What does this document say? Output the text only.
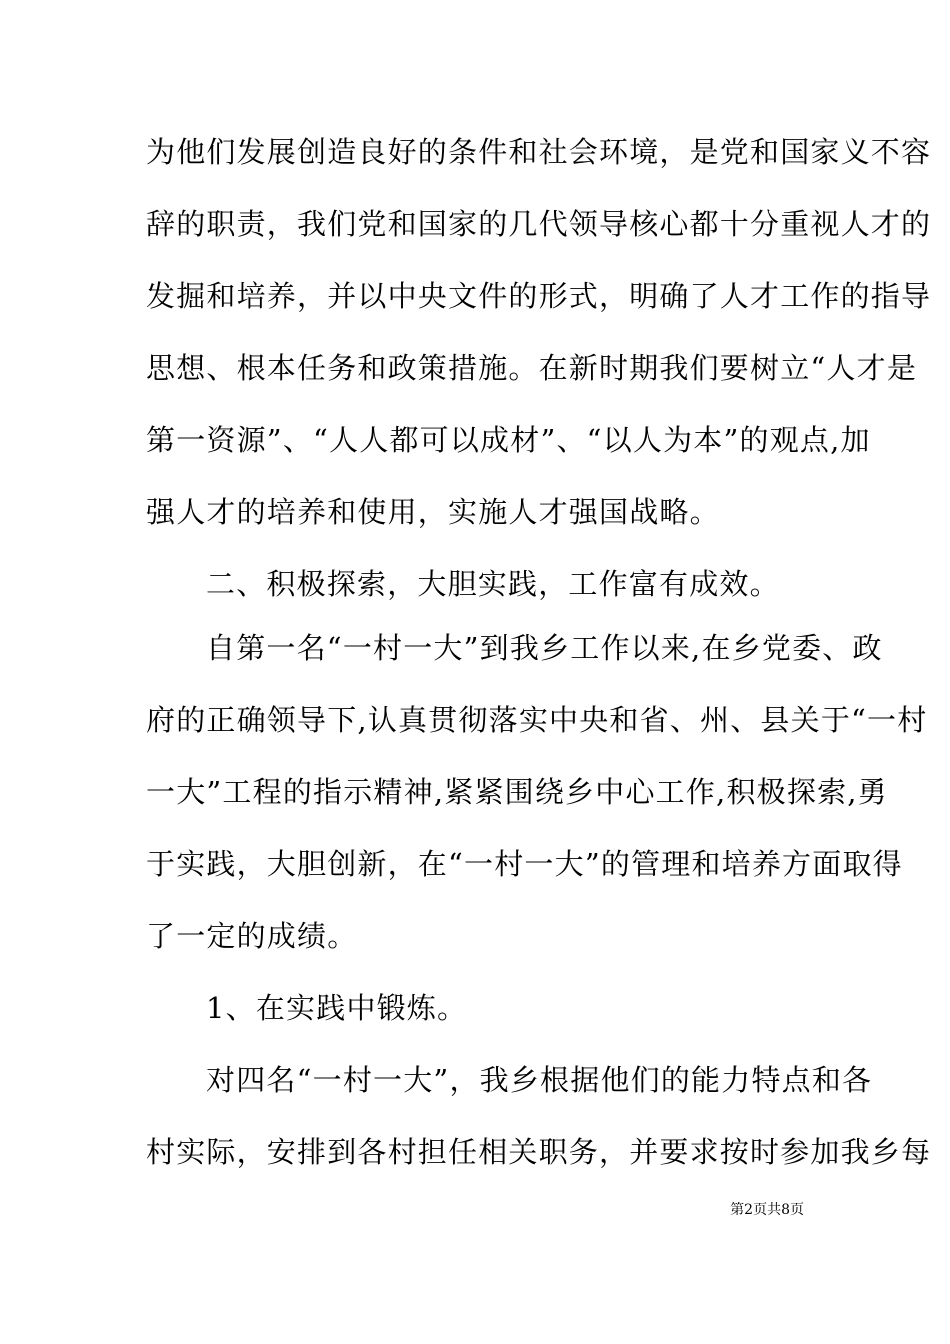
为他们发展创造良好的条件和社会环境，是党和国家义不容
辞的职责，我们党和国家的几代领导核心都十分重视人才的
发掘和培养，并以中央文件的形式，明确了人才工作的指导
思想、根本任务和政策措施。在新时期我们要树立“人才是
第一资源”、“人人都可以成材”、“以人为本”的观点,加
强人才的培养和使用，实施人才强国战略。
二、积极探索，大胆实践，工作富有成效。
自第一名“一村一大”到我乡工作以来,在乡党委、政
府的正确领导下,认真贯彻落实中央和省、州、县关于“一村
一大”工程的指示精神,紧紧围绕乡中心工作,积极探索,勇
于实践，大胆创新，在“一村一大”的管理和培养方面取得
了一定的成绩。
1、在实践中锻炼。
对四名“一村一大”，我乡根据他们的能力特点和各
村实际，安排到各村担任相关职务，并要求按时参加我乡每
第2页共8页
